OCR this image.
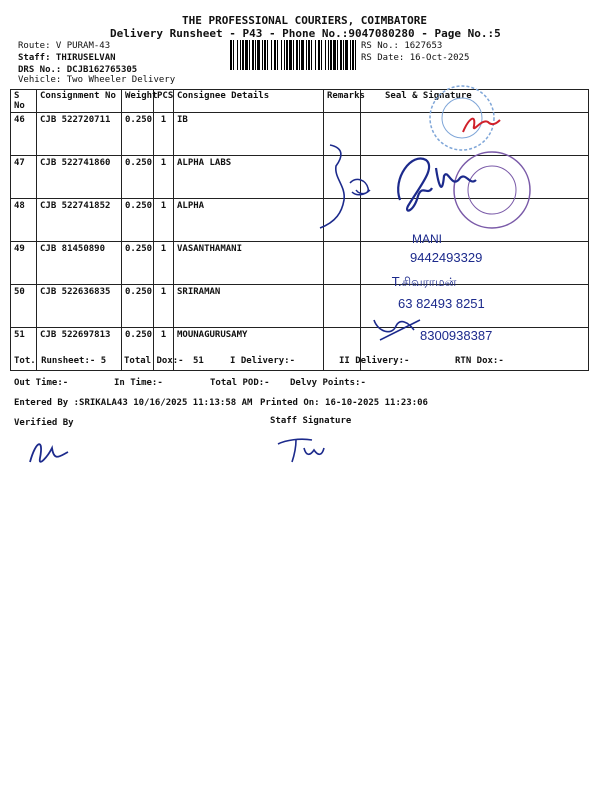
THE PROFESSIONAL COURIERS, COIMBATORE
Delivery Runsheet - P43 - Phone No.:9047080280 - Page No.:5
Route: V PURAM-43
Staff: THIRUSELVAN
DRS No.: DCJB162765305
Vehicle: Two Wheeler Delivery
RS No.: 1627653
RS Date: 16-Oct-2025
S No	Consignment No	Weight	PCS	Consignee Details	Remarks	Seal & Signature
46	CJB 522720711	0.250	1	IB		
47	CJB 522741860	0.250	1	ALPHA LABS		
48	CJB 522741852	0.250	1	ALPHA		
49	CJB 81450890	0.250	1	VASANTHAMANI		
50	CJB 522636835	0.250	1	SRIRAMAN		
51	CJB 522697813	0.250	1	MOUNAGURUSAMY		
MANI
9442493329
T.சிவராமன்
63 82493 8251
8300938387
Tot. Runsheet:- 5 Total Dox:- 51	I Delivery:-	II Delivery:-	RTN Dox:-
Out Time:-	In Time:-	Total POD:- Delvy Points:-
Entered By :SRIKALA43 10/16/2025 11:13:58 AM Printed On: 16-10-2025 11:23:06
Verified By	Staff Signature
